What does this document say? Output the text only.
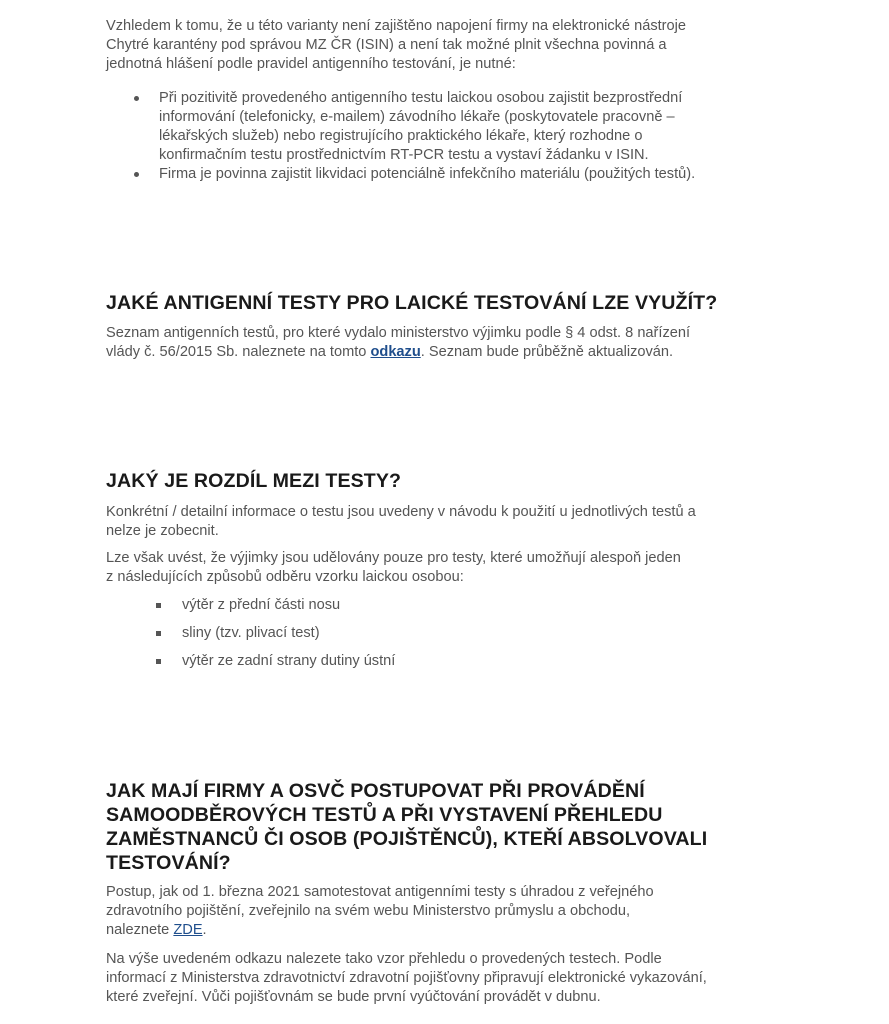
Vzhledem k tomu, že u této varianty není zajištěno napojení firmy na elektronické nástroje
Chytré karantény pod správou MZ ČR (ISIN) a není tak možné plnit všechna povinná a
jednotná hlášení podle pravidel antigenního testování, je nutné:

Při pozitivitě provedeného antigenního testu laickou osobou zajistit bezprostřední
informování (telefonicky, e-mailem) závodního lékaře (poskytovatele pracovně –
lékařských služeb) nebo registrujícího praktického lékaře, který rozhodne o
konfirmačním testu prostřednictvím RT-PCR testu a vystaví žádanku v ISIN.
Firma je povinna zajistit likvidaci potenciálně infekčního materiálu (použitých testů).
JAKÉ ANTIGENNÍ TESTY PRO LAICKÉ TESTOVÁNÍ LZE VYUŽÍT?

Seznam antigenních testů, pro které vydalo ministerstvo výjimku podle § 4 odst. 8 nařízení
vlády č. 56/2015 Sb. naleznete na tomto odkazu. Seznam bude průběžně aktualizován.

JAKÝ JE ROZDÍL MEZI TESTY?

Konkrétní / detailní informace o testu jsou uvedeny v návodu k použití u jednotlivých testů a
nelze je zobecnit.

Lze však uvést, že výjimky jsou udělovány pouze pro testy, které umožňují alespoň jeden
z následujících způsobů odběru vzorku laickou osobou:

výtěr z přední části nosu
sliny (tzv. plivací test)
výtěr ze zadní strany dutiny ústní
JAK MAJÍ FIRMY A OSVČ POSTUPOVAT PŘI PROVÁDĚNÍ
SAMOODBĚROVÝCH TESTŮ A PŘI VYSTAVENÍ PŘEHLEDU
ZAMĚSTNANCŮ ČI OSOB (POJIŠTĚNCŮ), KTEŘÍ ABSOLVOVALI
TESTOVÁNÍ?

Postup, jak od 1. března 2021 samotestovat antigenními testy s úhradou z veřejného
zdravotního pojištění, zveřejnilo na svém webu Ministerstvo průmyslu a obchodu,
naleznete ZDE.

Na výše uvedeném odkazu nalezete tako vzor přehledu o provedených testech. Podle
informací z Ministerstva zdravotnictví zdravotní pojišťovny připravují elektronické vykazování,
které zveřejní. Vůči pojišťovnám se bude první vyúčtování provádět v dubnu.
